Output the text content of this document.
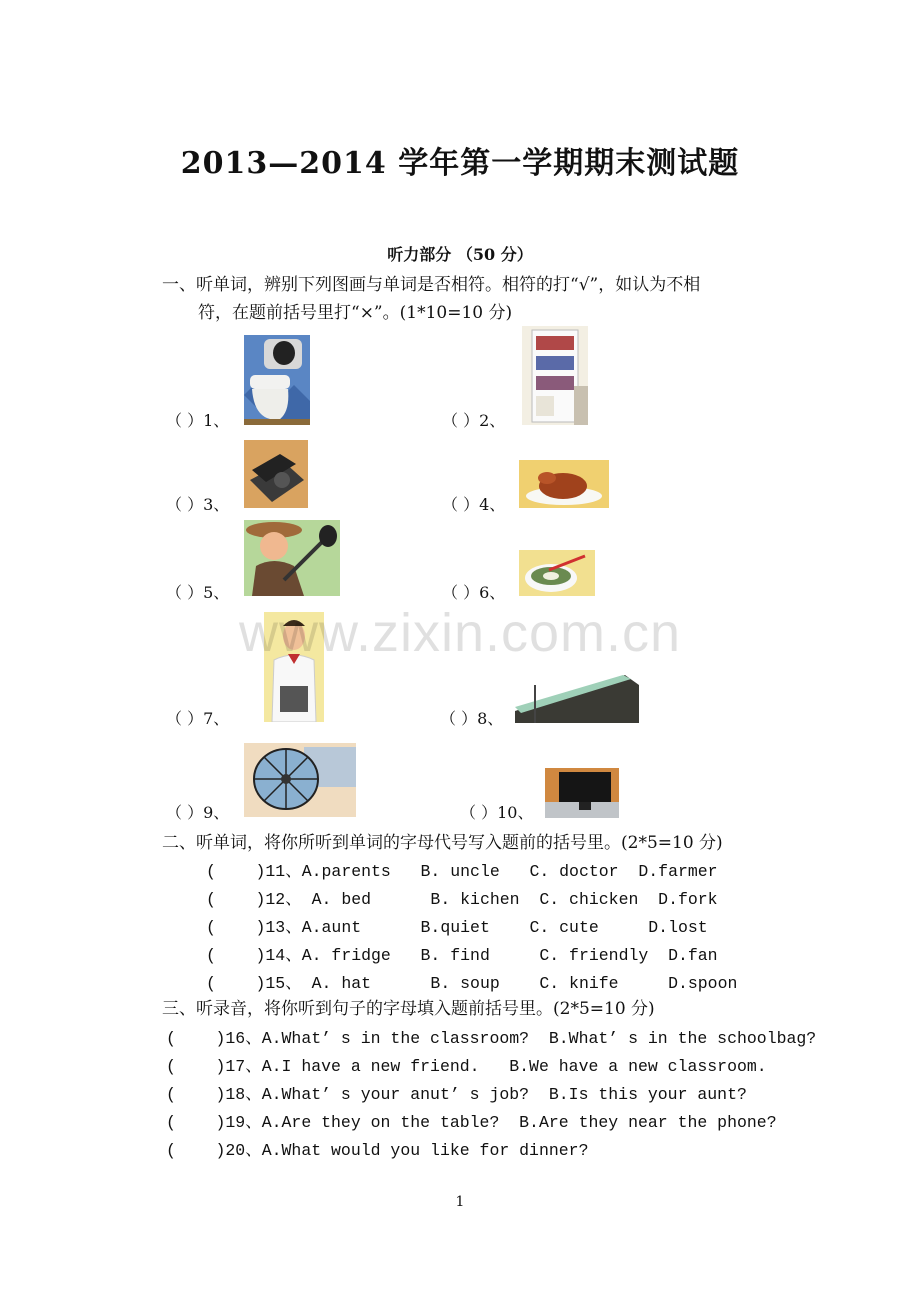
2013—2014 学年第一学期期末测试题
听力部分 （50 分）
一、听单词，辨别下列图画与单词是否相符。相符的打“√”，如认为不相
符，在题前括号里打“×”。(1*10=10 分)
（ ）1、	（ ）2、
（ ）3、	（ ）4、
（ ）5、	（ ）6、
（ ）7、	（ ）8、
（ ）9、	（ ）10、
www.zixin.com.cn
二、听单词，将你所听到单词的字母代号写入题前的括号里。(2*5=10 分)
(    )11、A.parents   B. uncle   C. doctor  D.farmer
(    )12、 A. bed      B. kichen  C. chicken  D.fork
(    )13、A.aunt      B.quiet    C. cute     D.lost
(    )14、A. fridge   B. find     C. friendly  D.fan
(    )15、 A. hat      B. soup    C. knife     D.spoon
三、听录音，将你听到句子的字母填入题前括号里。(2*5=10 分)
(    )16、A.What’ s in the classroom?  B.What’ s in the schoolbag?
(    )17、A.I have a new friend.   B.We have a new classroom.
(    )18、A.What’ s your anut’ s job?  B.Is this your aunt?
(    )19、A.Are they on the table?  B.Are they near the phone?
(    )20、A.What would you like for dinner?
1
